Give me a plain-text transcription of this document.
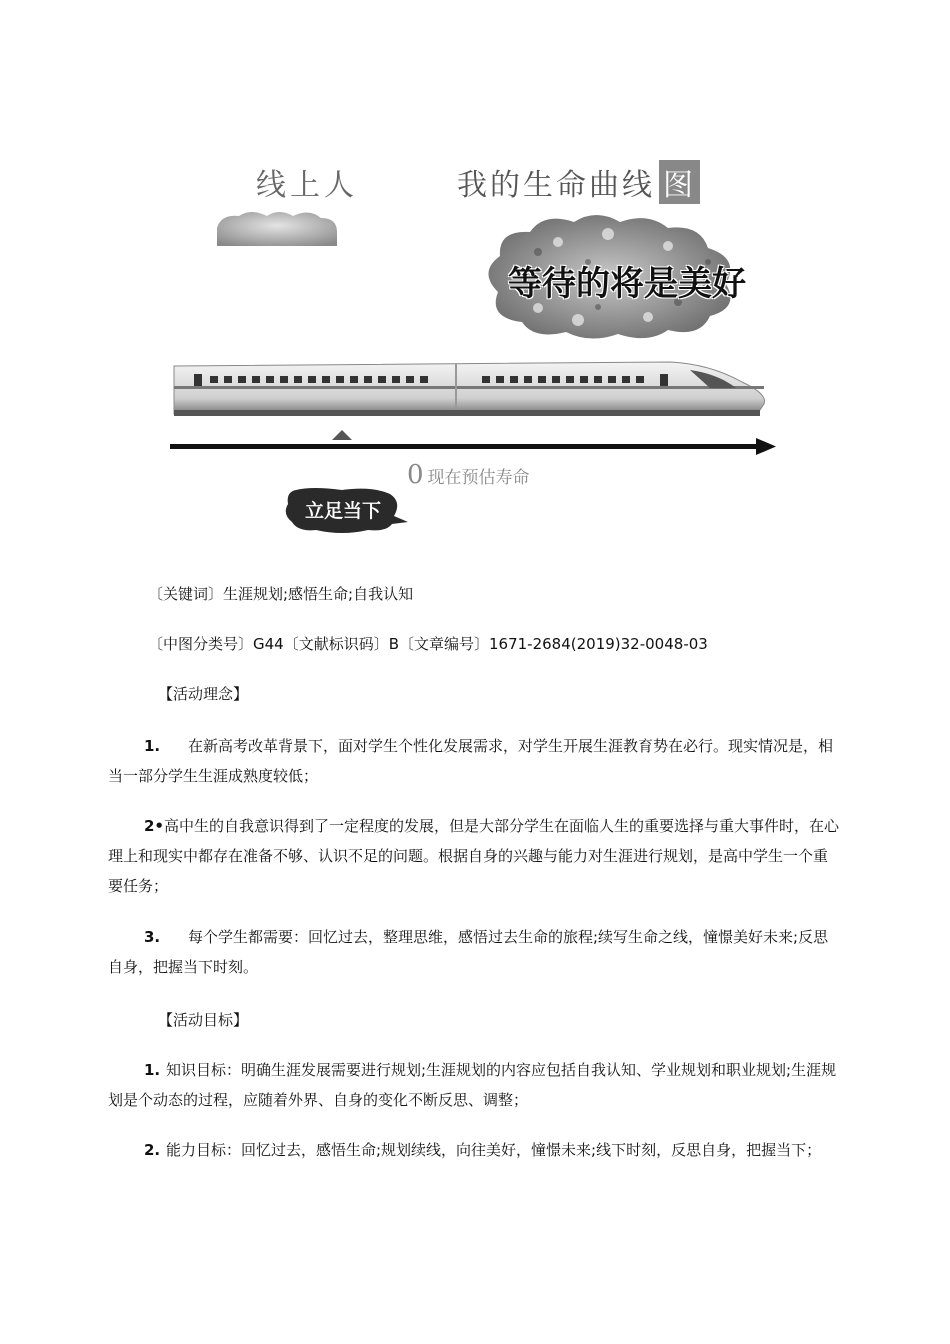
线上人	我的生命曲线 图
等待的将是美好
0 现在预估寿命
立足当下
〔关键词〕生涯规划;感悟生命;自我认知
〔中图分类号〕G44〔文献标识码〕B〔文章编号〕1671-2684(2019)32-0048-03
【活动理念】
1. 在新高考改革背景下，面对学生个性化发展需求，对学生开展生涯教育势在必行。现实情况是，相当一部分学生生涯成熟度较低；
2•高中生的自我意识得到了一定程度的发展，但是大部分学生在面临人生的重要选择与重大事件时，在心理上和现实中都存在准备不够、认识不足的问题。根据自身的兴趣与能力对生涯进行规划，是高中学生一个重要任务；
3. 每个学生都需要：回忆过去，整理思维，感悟过去生命的旅程;续写生命之线，憧憬美好未来;反思自身，把握当下时刻。
【活动目标】
1. 知识目标：明确生涯发展需要进行规划;生涯规划的内容应包括自我认知、学业规划和职业规划;生涯规划是个动态的过程，应随着外界、自身的变化不断反思、调整；
2. 能力目标：回忆过去，感悟生命;规划续线，向往美好，憧憬未来;线下时刻，反思自身，把握当下；
